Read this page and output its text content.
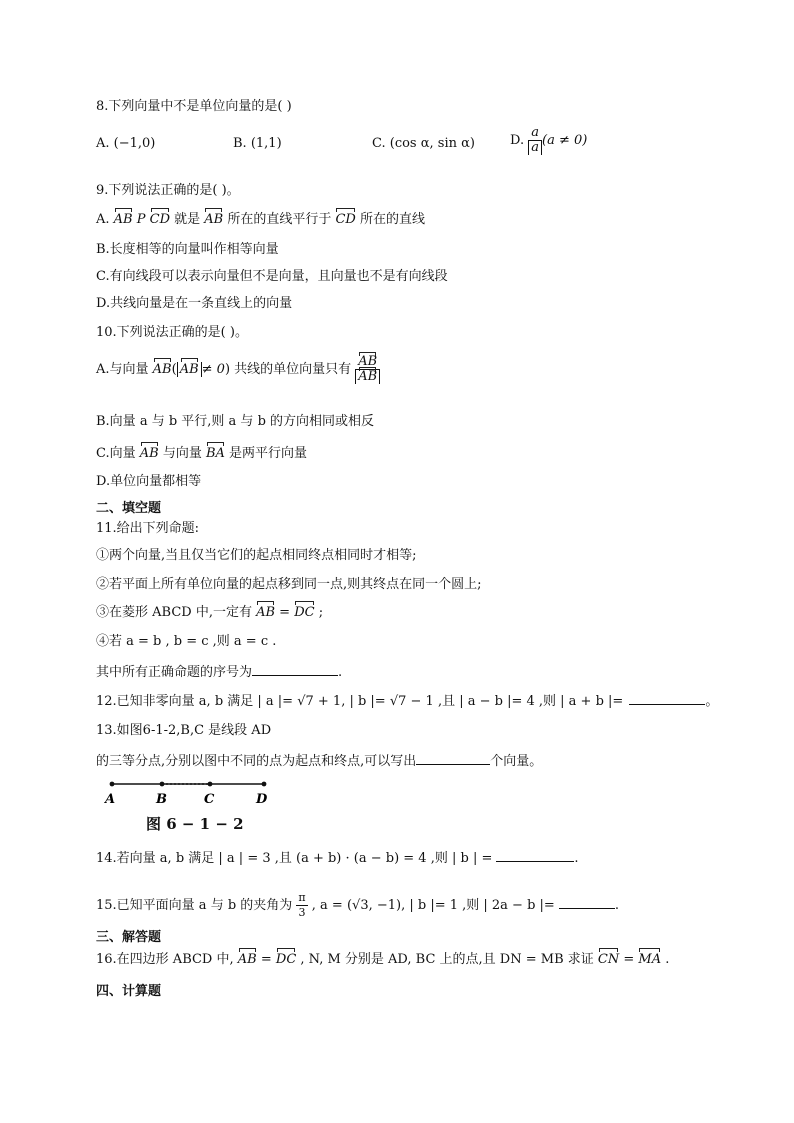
8.下列向量中不是单位向量的是( )
A. (−1,0)	B. (1,1)	C. (cos α, sin α)	D. $\frac{a}{a} (a \ne 0)$
9.下列说法正确的是( )。
A. AB P CD 就是 AB 所在的直线平行于 CD 所在的直线
B.长度相等的向量叫作相等向量
C.有向线段可以表示向量但不是向量，且向量也不是有向线段
D.共线向量是在一条直线上的向量
10.下列说法正确的是( )。
A.与向量 AB( AB ≠ 0) 共线的单位向量只有 $\frac{AB}{AB}$
B.向量 a 与 b 平行,则 a 与 b 的方向相同或相反
C.向量 AB 与向量 BA 是两平行向量
D.单位向量都相等
二、填空题
11.给出下列命题:
①两个向量,当且仅当它们的起点相同终点相同时才相等;
②若平面上所有单位向量的起点移到同一点,则其终点在同一个圆上;
③在菱形 ABCD 中,一定有 AB = DC ;
④若 a = b , b = c ,则 a = c .
其中所有正确命题的序号为	.
12.已知非零向量 a, b 满足 | a |= √7 + 1, | b |= √7 − 1 ,且 | a − b |= 4 ,则 | a + b |=	。
13.如图6-1-2,B,C 是线段 AD
的三等分点,分别以图中不同的点为起点和终点,可以写出	个向量。
A	B	C	D
图 6 − 1 − 2
14.若向量 a, b 满足 | a | = 3 ,且 (a + b) · (a − b) = 4 ,则 | b | =	.
15.已知平面向量 a 与 b 的夹角为 $\frac{\pi}{3}$ , a = (√3, −1), | b |= 1 ,则 | 2a − b |=	.
三、解答题
16.在四边形 ABCD 中, AB = DC , N, M 分别是 AD, BC 上的点,且 DN = MB 求证 CN = MA .
四、计算题
